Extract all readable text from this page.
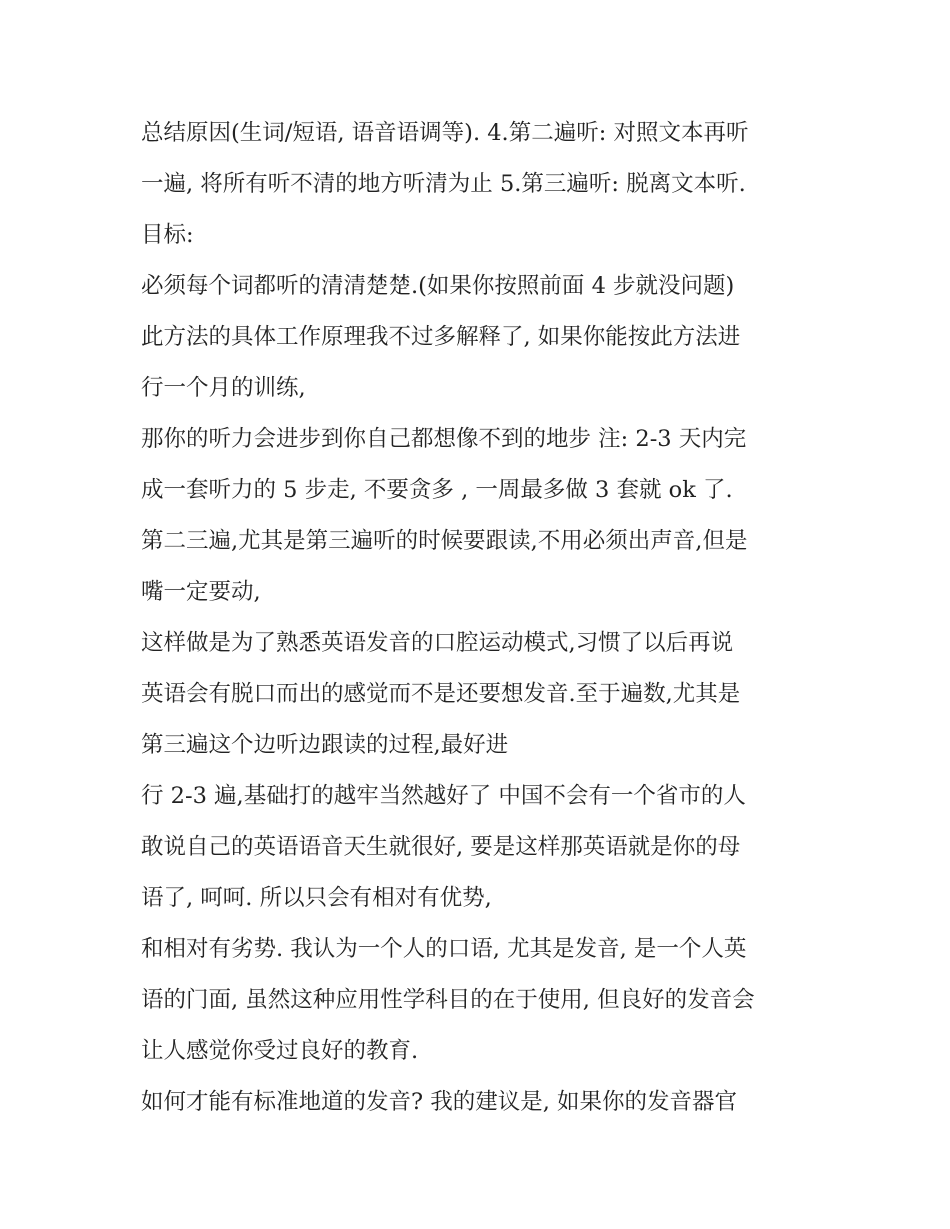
总结原因(生词/短语, 语音语调等). 4.第二遍听: 对照文本再听
一遍, 将所有听不清的地方听清为止 5.第三遍听: 脱离文本听.
目标:
必须每个词都听的清清楚楚.(如果你按照前面 4 步就没问题)
此方法的具体工作原理我不过多解释了, 如果你能按此方法进
行一个月的训练,
那你的听力会进步到你自己都想像不到的地步 注: 2-3 天内完
成一套听力的 5 步走, 不要贪多 , 一周最多做 3 套就 ok 了.
第二三遍,尤其是第三遍听的时候要跟读,不用必须出声音,但是
嘴一定要动,
这样做是为了熟悉英语发音的口腔运动模式,习惯了以后再说
英语会有脱口而出的感觉而不是还要想发音.至于遍数,尤其是
第三遍这个边听边跟读的过程,最好进
行 2-3 遍,基础打的越牢当然越好了 中国不会有一个省市的人
敢说自己的英语语音天生就很好, 要是这样那英语就是你的母
语了, 呵呵. 所以只会有相对有优势,
和相对有劣势. 我认为一个人的口语, 尤其是发音, 是一个人英
语的门面, 虽然这种应用性学科目的在于使用, 但良好的发音会
让人感觉你受过良好的教育.
如何才能有标准地道的发音? 我的建议是, 如果你的发音器官
